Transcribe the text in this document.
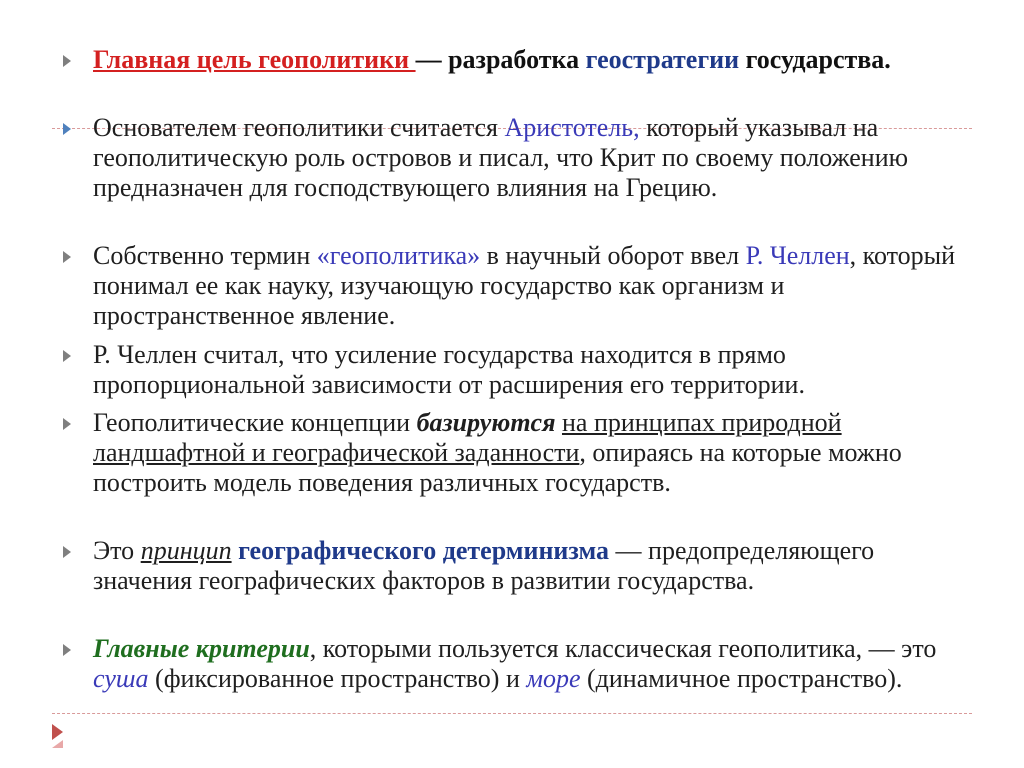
Главная цель геополитики — разработка геостратегии государства.
Основателем геополитики считается Аристотель, который указывал на геополитическую роль островов и писал, что Крит по своему положению предназначен для господствующего влияния на Грецию.
Собственно термин «геополитика» в научный оборот ввел Р. Челлен, который понимал ее как науку, изучающую государство как организм и пространственное явление.
Р. Челлен считал, что усиление государства находится в прямо пропорциональной зависимости от расширения его территории.
Геополитические концепции базируются на принципах природной ландшафтной и географической заданности, опираясь на которые можно построить модель поведения различных государств.
Это принцип географического детерминизма — предопределяющего значения географических факторов в развитии государства.
Главные критерии, которыми пользуется классическая геополитика, — это суша (фиксированное пространство) и море (динамичное пространство).
